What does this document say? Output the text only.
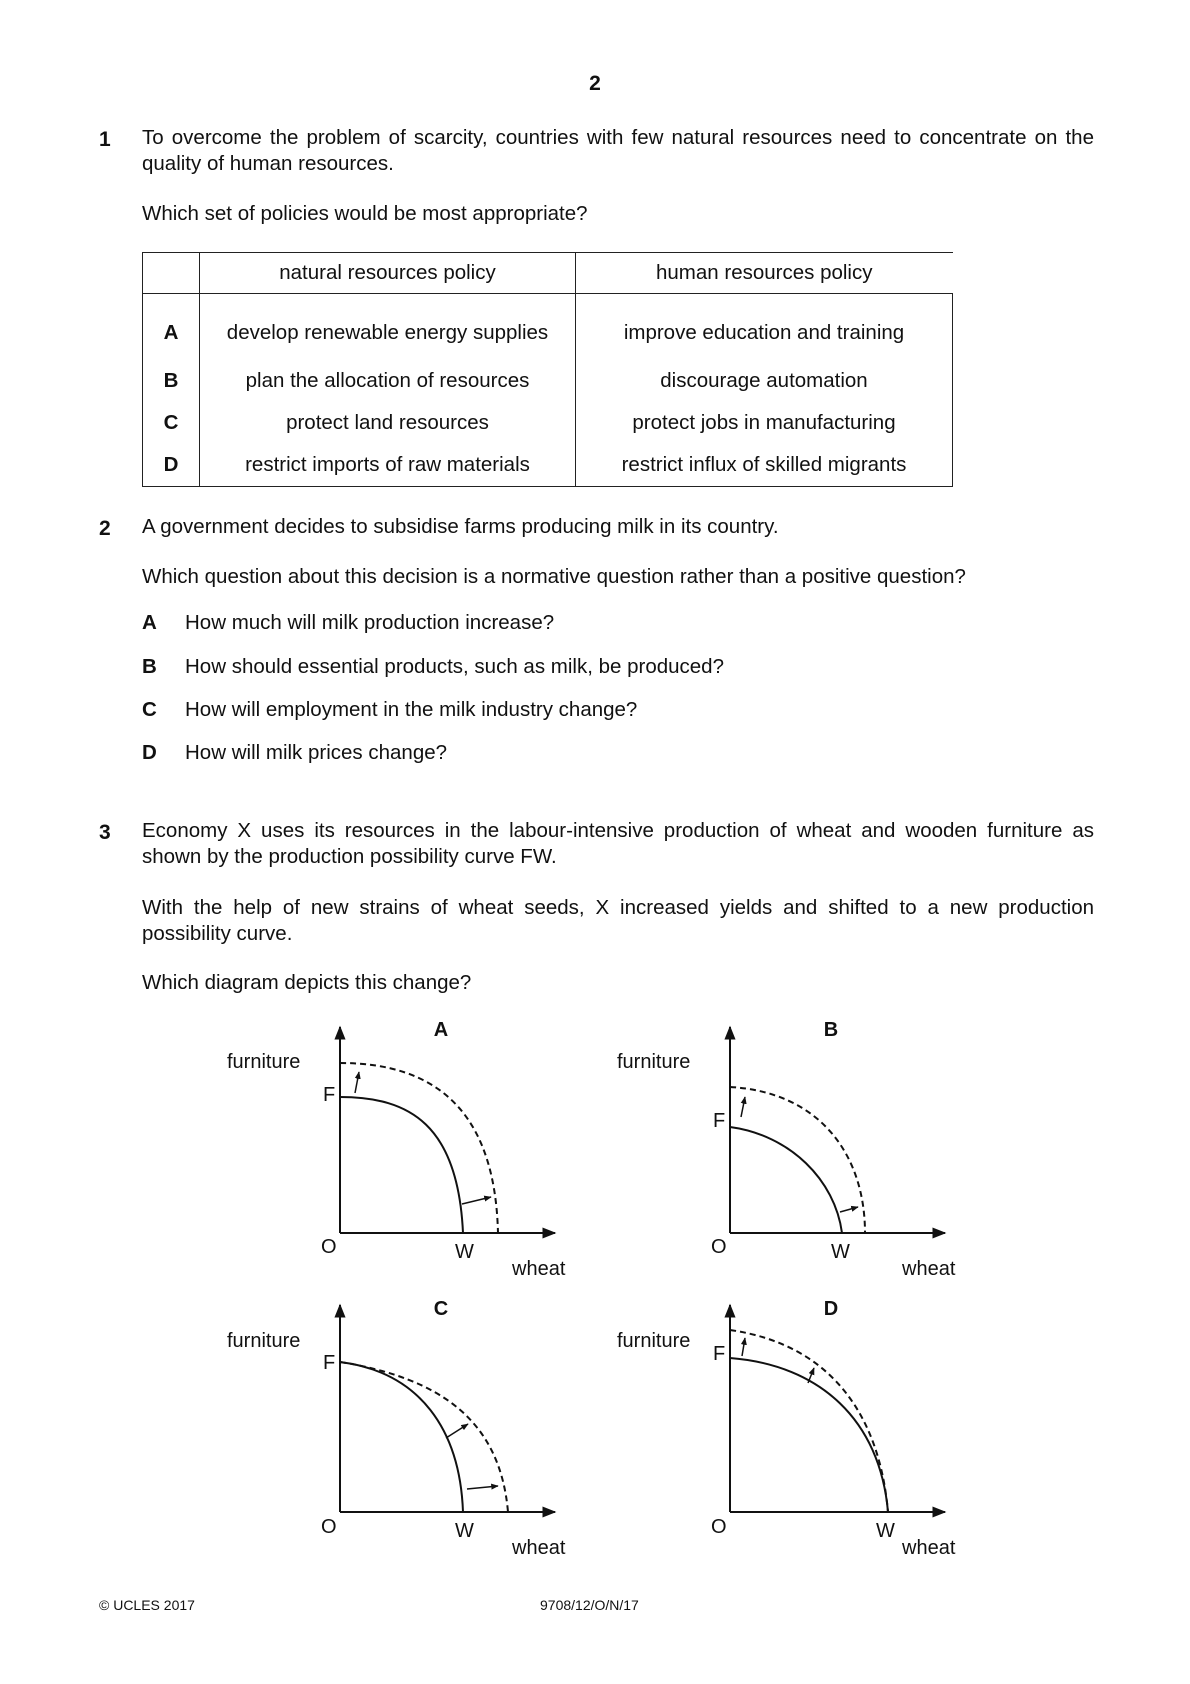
2
1 To overcome the problem of scarcity, countries with few natural resources need to concentrate on the quality of human resources.
Which set of policies would be most appropriate?
	natural resources policy	human resources policy
A	develop renewable energy supplies	improve education and training
B	plan the allocation of resources	discourage automation
C	protect land resources	protect jobs in manufacturing
D	restrict imports of raw materials	restrict influx of skilled migrants
2 A government decides to subsidise farms producing milk in its country.
Which question about this decision is a normative question rather than a positive question?
A How much will milk production increase?
B How should essential products, such as milk, be produced?
C How will employment in the milk industry change?
D How will milk prices change?
3 Economy X uses its resources in the labour-intensive production of wheat and wooden furniture as shown by the production possibility curve FW.
With the help of new strains of wheat seeds, X increased yields and shifted to a new production possibility curve.
Which diagram depicts this change?
A
furniture
F
O	W
wheat
B
furniture
F
O	W
wheat
C
furniture
F
O	W
wheat
D
furniture
F
O	W
wheat
© UCLES 2017	9708/12/O/N/17
